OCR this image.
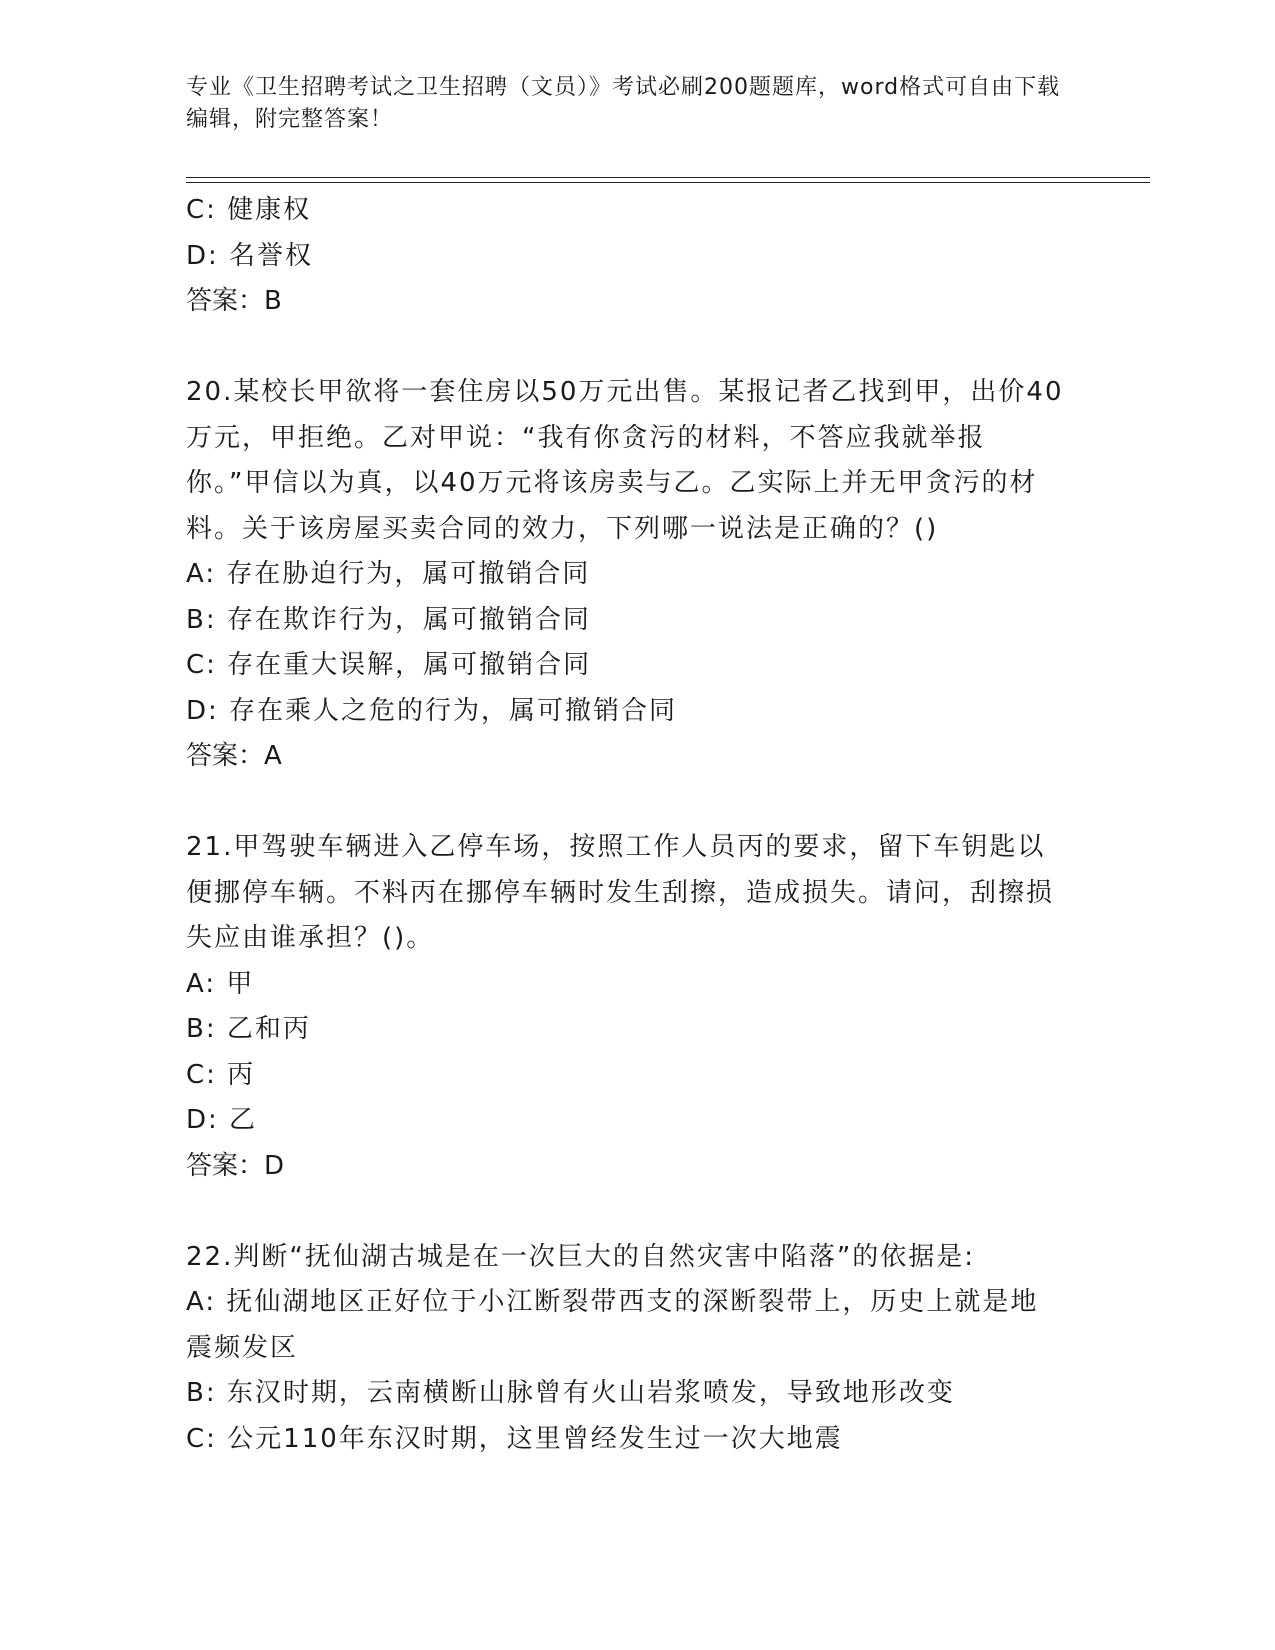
专业《卫生招聘考试之卫生招聘（文员）》考试必刷200题题库，word格式可自由下载编辑，附完整答案！

C: 健康权

D: 名誉权

答案：B

20.某校长甲欲将一套住房以50万元出售。某报记者乙找到甲，出价40万元，甲拒绝。乙对甲说：“我有你贪污的材料，不答应我就举报你。”甲信以为真，以40万元将该房卖与乙。乙实际上并无甲贪污的材料。关于该房屋买卖合同的效力，下列哪一说法是正确的？()

A: 存在胁迫行为，属可撤销合同

B: 存在欺诈行为，属可撤销合同

C: 存在重大误解，属可撤销合同

D: 存在乘人之危的行为，属可撤销合同

答案：A

21.甲驾驶车辆进入乙停车场，按照工作人员丙的要求，留下车钥匙以便挪停车辆。不料丙在挪停车辆时发生刮擦，造成损失。请问，刮擦损失应由谁承担？()。

A: 甲

B: 乙和丙

C: 丙

D: 乙

答案：D

22.判断“抚仙湖古城是在一次巨大的自然灾害中陷落”的依据是:

A: 抚仙湖地区正好位于小江断裂带西支的深断裂带上，历史上就是地震频发区

B: 东汉时期，云南横断山脉曾有火山岩浆喷发，导致地形改变

C: 公元110年东汉时期，这里曾经发生过一次大地震
